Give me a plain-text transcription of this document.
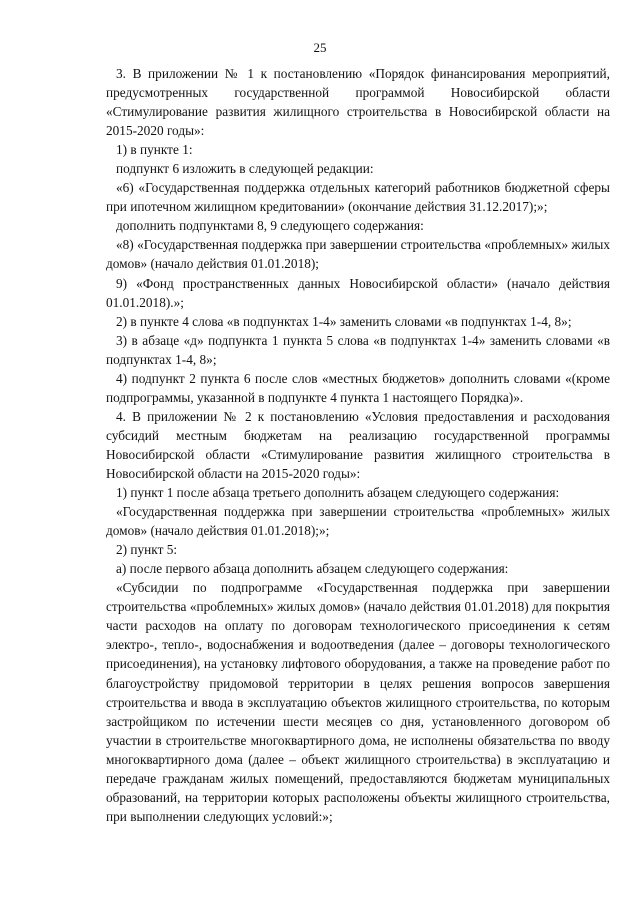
25

3. В приложении № 1 к постановлению «Порядок финансирования мероприятий, предусмотренных государственной программой Новосибирской области «Стимулирование развития жилищного строительства в Новосибирской области на 2015-2020 годы»:

1) в пункте 1:

подпункт 6 изложить в следующей редакции:

«6) «Государственная поддержка отдельных категорий работников бюджетной сферы при ипотечном жилищном кредитовании» (окончание действия 31.12.2017);»;

дополнить подпунктами 8, 9 следующего содержания:

«8) «Государственная поддержка при завершении строительства «проблемных» жилых домов» (начало действия 01.01.2018);

9) «Фонд пространственных данных Новосибирской области» (начало действия 01.01.2018).»;

2) в пункте 4 слова «в подпунктах 1-4» заменить словами «в подпунктах 1-4, 8»;

3) в абзаце «д» подпункта 1 пункта 5 слова «в подпунктах 1-4» заменить словами «в подпунктах 1-4, 8»;

4) подпункт 2 пункта 6 после слов «местных бюджетов» дополнить словами «(кроме подпрограммы, указанной в подпункте 4 пункта 1 настоящего Порядка)».

4. В приложении № 2 к постановлению «Условия предоставления и расходования субсидий местным бюджетам на реализацию государственной программы Новосибирской области «Стимулирование развития жилищного строительства в Новосибирской области на 2015-2020 годы»:

1) пункт 1 после абзаца третьего дополнить абзацем следующего содержания:

«Государственная поддержка при завершении строительства «проблемных» жилых домов» (начало действия 01.01.2018);»;

2) пункт 5:

а) после первого абзаца дополнить абзацем следующего содержания:

«Субсидии по подпрограмме «Государственная поддержка при завершении строительства «проблемных» жилых домов» (начало действия 01.01.2018) для покрытия части расходов на оплату по договорам технологического присоединения к сетям электро-, тепло-, водоснабжения и водоотведения (далее – договоры технологического присоединения), на установку лифтового оборудования, а также на проведение работ по благоустройству придомовой территории в целях решения вопросов завершения строительства и ввода в эксплуатацию объектов жилищного строительства, по которым застройщиком по истечении шести месяцев со дня, установленного договором об участии в строительстве многоквартирного дома, не исполнены обязательства по вводу многоквартирного дома (далее – объект жилищного строительства) в эксплуатацию и передаче гражданам жилых помещений, предоставляются бюджетам муниципальных образований, на территории которых расположены объекты жилищного строительства, при выполнении следующих условий:»;
